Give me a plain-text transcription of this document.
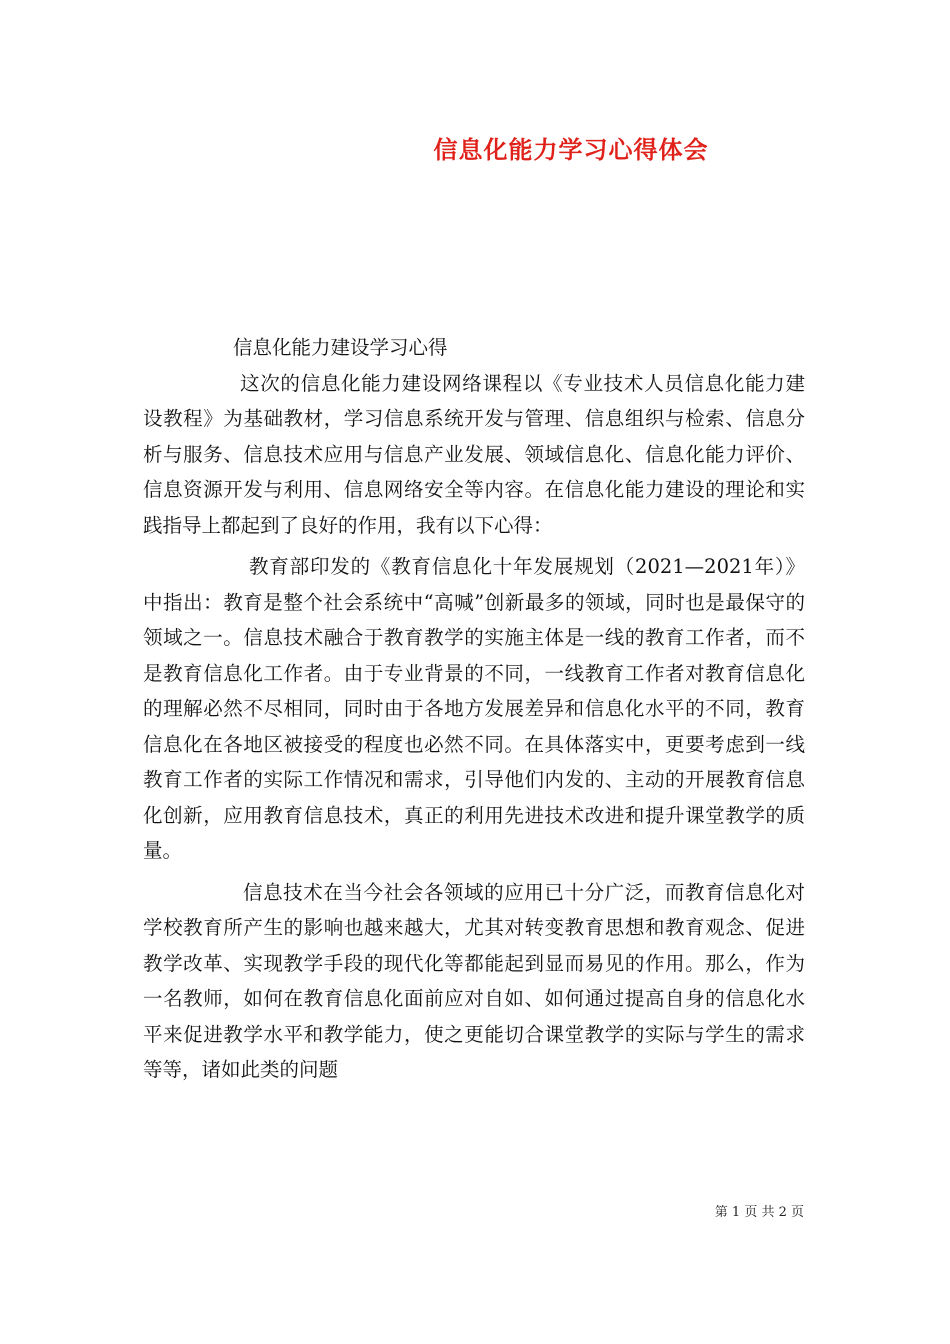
信息化能力学习心得体会

信息化能力建设学习心得

这次的信息化能力建设网络课程以《专业技术人员信息化能力建设教程》为基础教材，学习信息系统开发与管理、信息组织与检索、信息分析与服务、信息技术应用与信息产业发展、领域信息化、信息化能力评价、信息资源开发与利用、信息网络安全等内容。在信息化能力建设的理论和实践指导上都起到了良好的作用，我有以下心得：

教育部印发的《教育信息化十年发展规划（2021—2021年）》中指出：教育是整个社会系统中“高喊”创新最多的领域，同时也是最保守的领域之一。信息技术融合于教育教学的实施主体是一线的教育工作者，而不是教育信息化工作者。由于专业背景的不同，一线教育工作者对教育信息化的理解必然不尽相同，同时由于各地方发展差异和信息化水平的不同，教育信息化在各地区被接受的程度也必然不同。在具体落实中，更要考虑到一线教育工作者的实际工作情况和需求，引导他们内发的、主动的开展教育信息化创新，应用教育信息技术，真正的利用先进技术改进和提升课堂教学的质量。

信息技术在当今社会各领域的应用已十分广泛，而教育信息化对学校教育所产生的影响也越来越大，尤其对转变教育思想和教育观念、促进教学改革、实现教学手段的现代化等都能起到显而易见的作用。那么，作为一名教师，如何在教育信息化面前应对自如、如何通过提高自身的信息化水平来促进教学水平和教学能力，使之更能切合课堂教学的实际与学生的需求等等，诸如此类的问题

第 1 页 共 2 页
